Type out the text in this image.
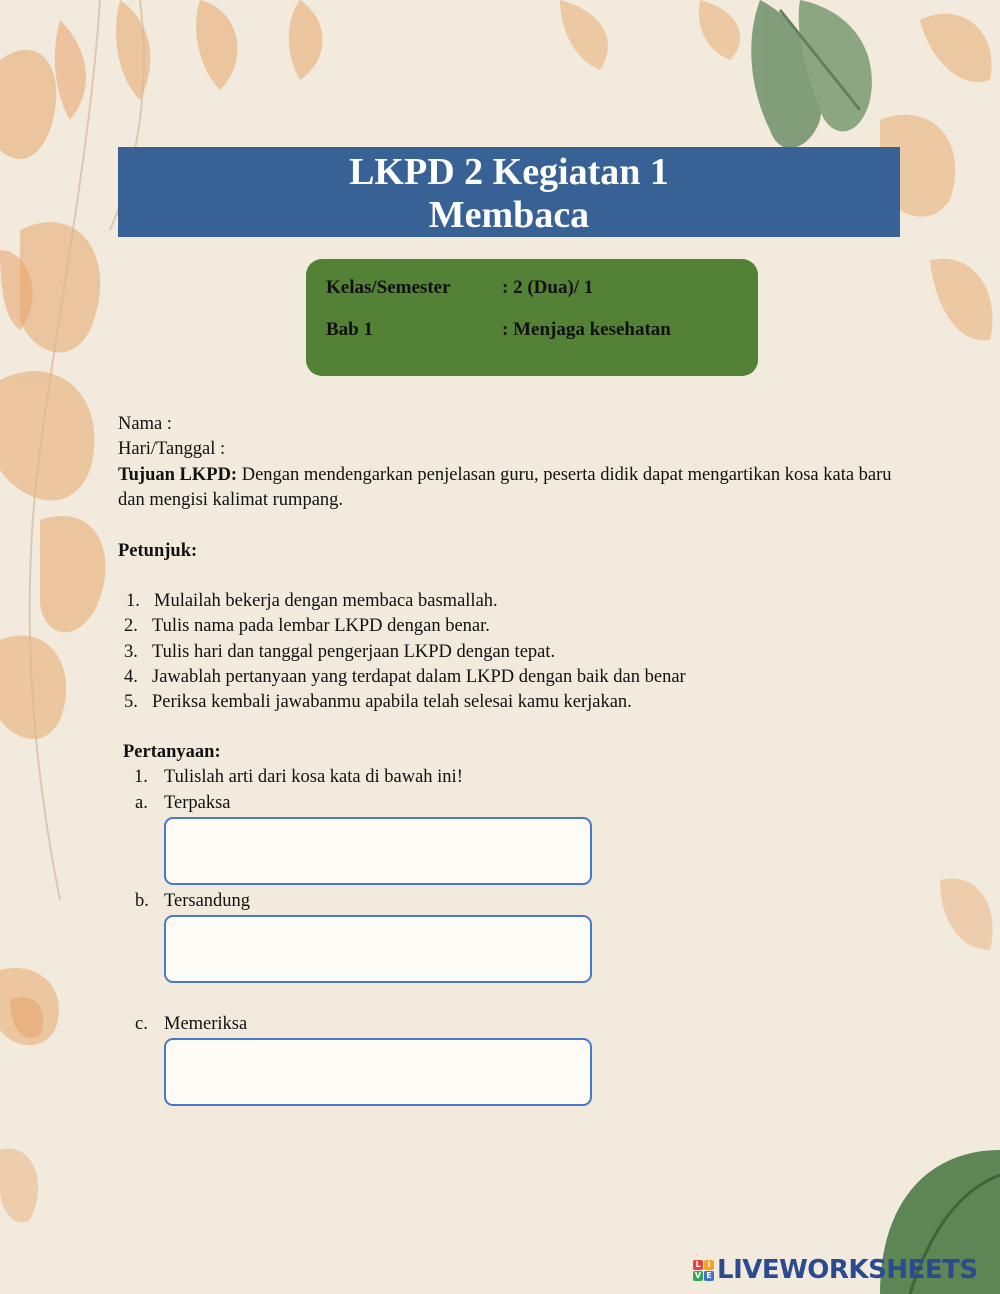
LKPD 2 Kegiatan 1
Membaca
Kelas/Semester	: 2 (Dua)/ 1
Bab 1	: Menjaga kesehatan
Nama :
Hari/Tanggal :
Tujuan LKPD: Dengan mendengarkan penjelasan guru, peserta didik dapat mengartikan kosa kata baru dan mengisi kalimat rumpang.
Petunjuk:
1. Mulailah bekerja dengan membaca basmallah.
2. Tulis nama pada lembar LKPD dengan benar.
3. Tulis hari dan tanggal pengerjaan LKPD dengan tepat.
4. Jawablah pertanyaan yang terdapat dalam LKPD dengan baik dan benar
5. Periksa kembali jawabanmu apabila telah selesai kamu kerjakan.
Pertanyaan:
1. Tulislah arti dari kosa kata di bawah ini!
a. Terpaksa
b. Tersandung
c. Memeriksa
L I
V E LIVEWORKSHEETS
